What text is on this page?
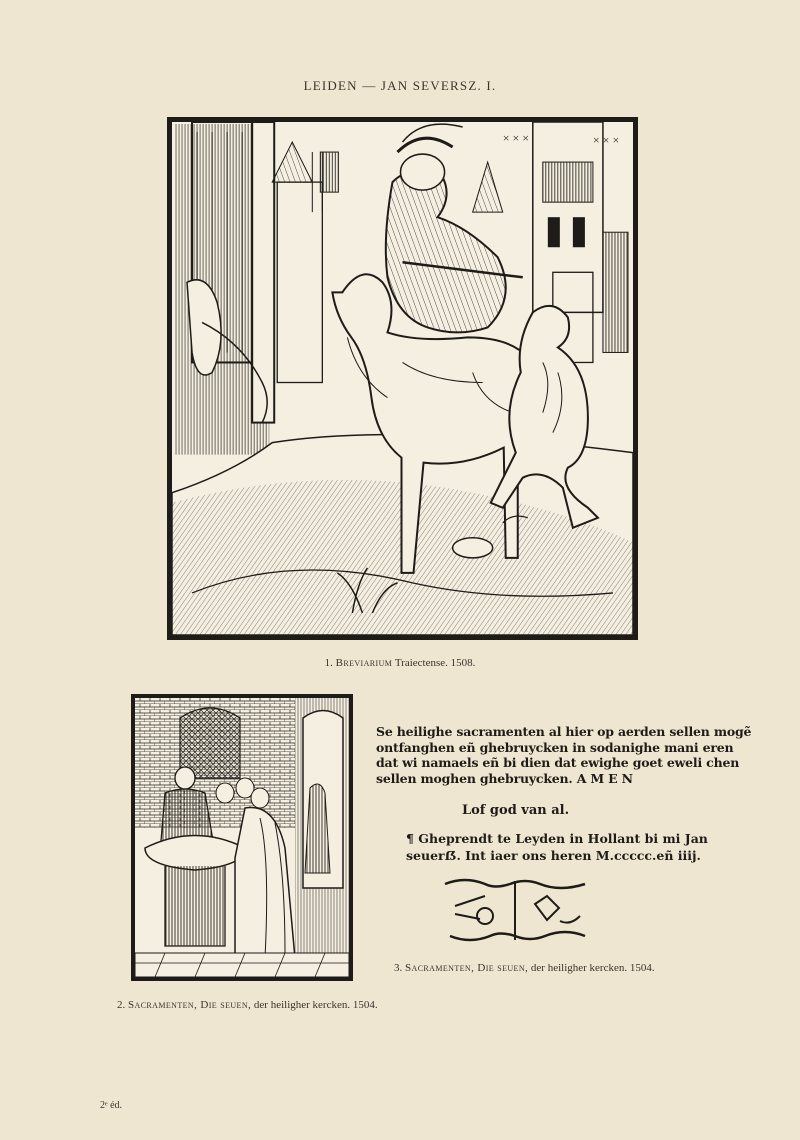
LEIDEN — JAN SEVERSZ. I.
× × ×	× × ×
1. Breviarium Traiectense. 1508.
2. Sacramenten, Die seuen, der heiligher kercken. 1504.
Se heilighe sacramenten al hier op aerden sellen mogẽ
ontfanghen eñ ghebruycken in sodanighe mani eren
dat wi namaels eñ bi dien dat ewighe goet eweli chen
sellen moghen ghebruycken. A M E N
Lof god van al.
¶ Gheprendt te Leyden in Hollant bi mi Jan
seuerẞ. Int iaer ons heren M.ccccc.eñ iiij.
3. Sacramenten, Die seuen, der heiligher kercken. 1504.
2ᵉ éd.
